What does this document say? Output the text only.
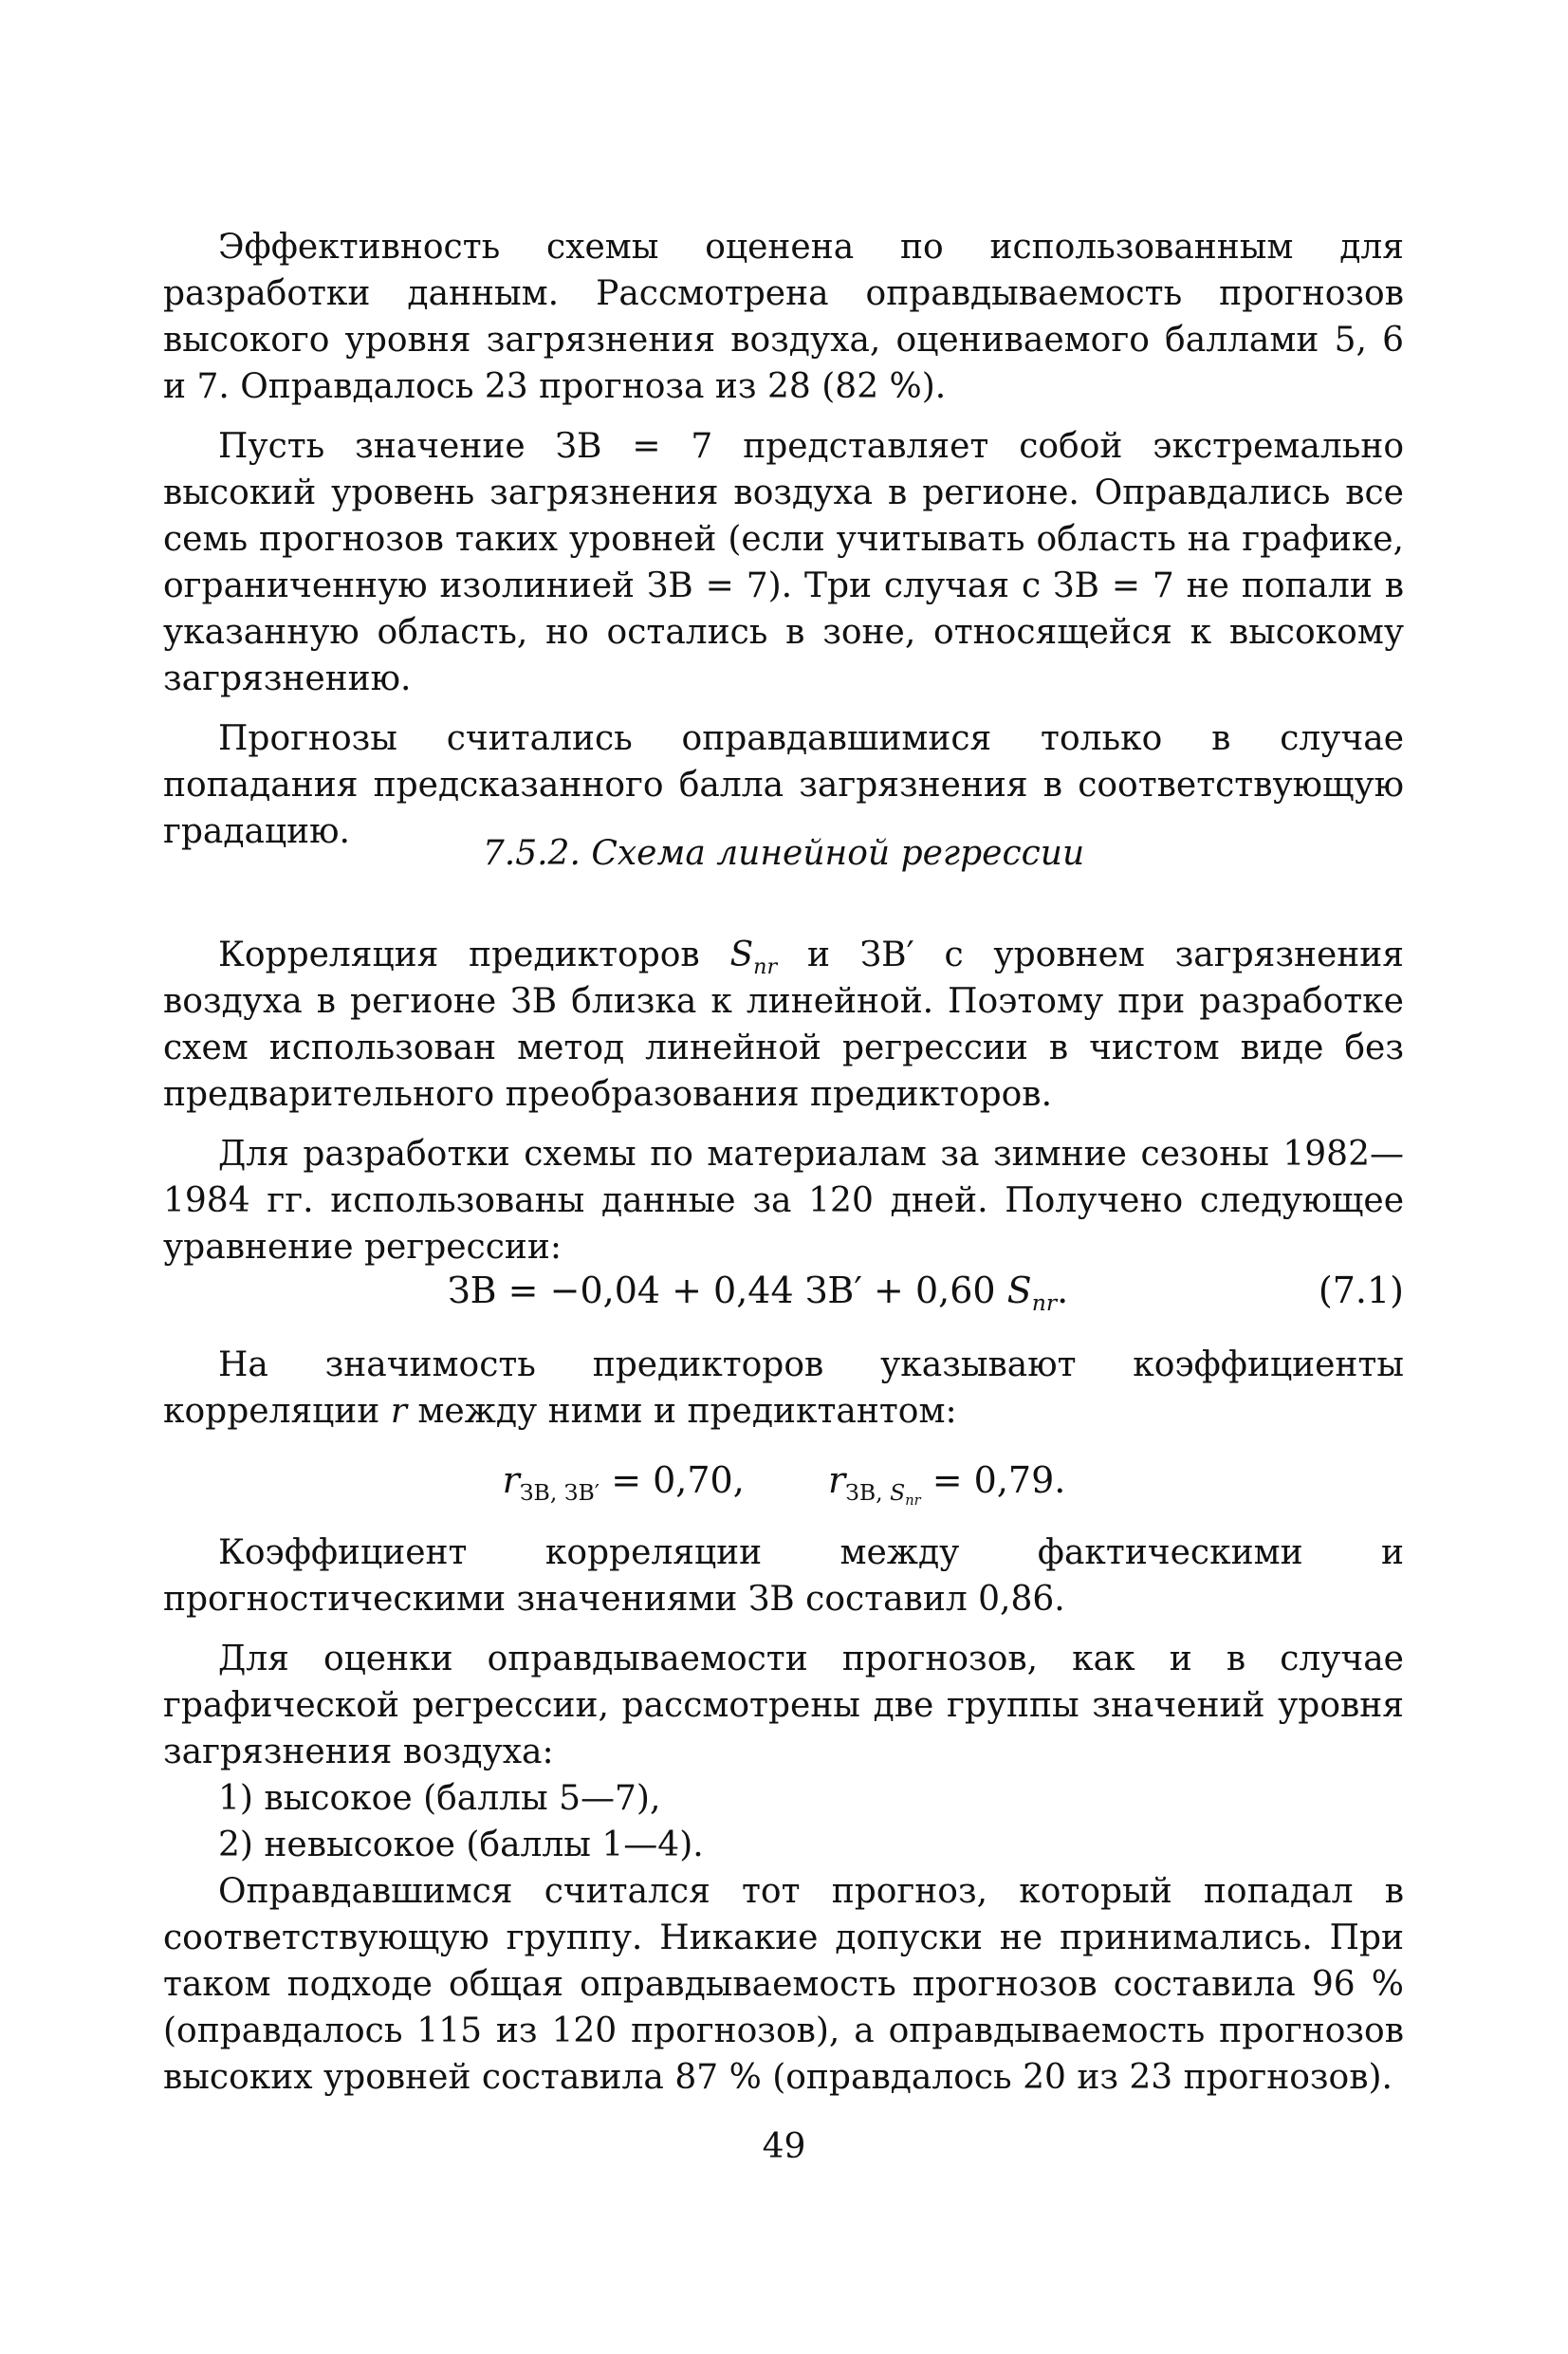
Эффективность схемы оценена по использованным для разработки данным. Рассмотрена оправдываемость прогнозов высокого уровня загрязнения воздуха, оцениваемого баллами 5, 6 и 7. Оправдалось 23 прогноза из 28 (82 %).

Пусть значение ЗВ = 7 представляет собой экстремально высокий уровень загрязнения воздуха в регионе. Оправдались все семь прогнозов таких уровней (если учитывать область на графике, ограниченную изолинией ЗВ = 7). Три случая с ЗВ = 7 не попали в указанную область, но остались в зоне, относящейся к высокому загрязнению.

Прогнозы считались оправдавшимися только в случае попадания предсказанного балла загрязнения в соответствующую градацию.

7.5.2. Схема линейной регрессии

Корреляция предикторов $S_{пr}$ и ЗВ′ с уровнем загрязнения воздуха в регионе ЗВ близка к линейной. Поэтому при разработке схем использован метод линейной регрессии в чистом виде без предварительного преобразования предикторов.

Для разработки схемы по материалам за зимние сезоны 1982—1984 гг. использованы данные за 120 дней. Получено следующее уравнение регрессии:

ЗВ = −0,04 + 0,44 ЗВ′ + 0,60 $S_{пr}$.	(7.1)

На значимость предикторов указывают коэффициенты корреляции r между ними и предиктантом:

$r_{ЗВ, ЗВ'} = 0,70$, $r_{ЗВ, S_{пr}} = 0,79$.

Коэффициент корреляции между фактическими и прогностическими значениями ЗВ составил 0,86.

Для оценки оправдываемости прогнозов, как и в случае графической регрессии, рассмотрены две группы значений уровня загрязнения воздуха:

1) высокое (баллы 5—7),

2) невысокое (баллы 1—4).

Оправдавшимся считался тот прогноз, который попадал в соответствующую группу. Никакие допуски не принимались. При таком подходе общая оправдываемость прогнозов составила 96 % (оправдалось 115 из 120 прогнозов), а оправдываемость прогнозов высоких уровней составила 87 % (оправдалось 20 из 23 прогнозов).

49
